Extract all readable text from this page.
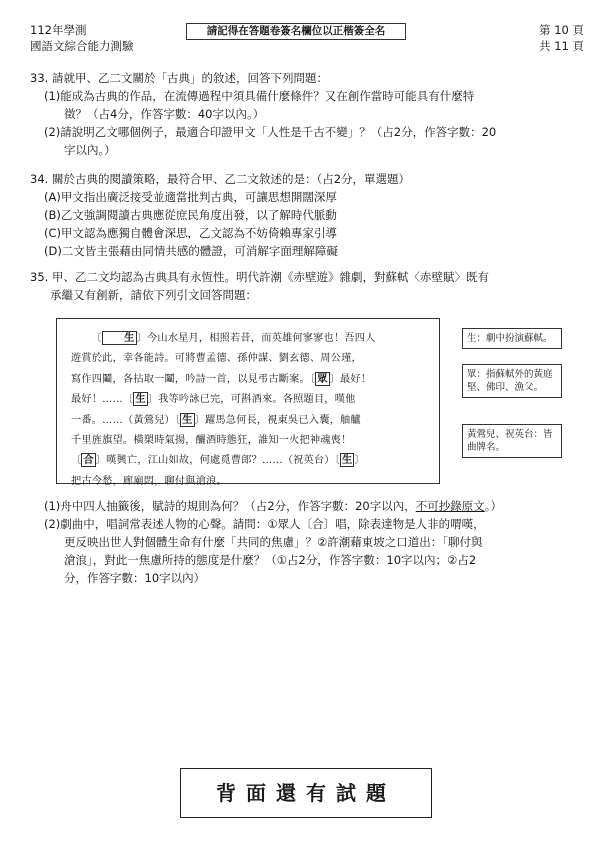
112年學測
國語文綜合能力測驗
請記得在答題卷簽名欄位以正楷簽全名	第 10 頁
共 11 頁
33. 請就甲、乙二文關於「古典」的敘述，回答下列問題：
(1)能成為古典的作品，在流傳過程中須具備什麼條件？又在創作當時可能具有什麼特
徵？（占4分，作答字數：40字以內。）
(2)請說明乙文哪個例子，最適合印證甲文「人性是千古不變」？（占2分，作答字數：20
字以內。）
34. 關於古典的閱讀策略，最符合甲、乙二文敘述的是：（占2分，單選題）
(A)甲文指出廣泛接受並適當批判古典，可讓思想開闊深厚
(B)乙文強調閱讀古典應從庶民角度出發，以了解時代脈動
(C)甲文認為應獨自體會深思，乙文認為不妨倚賴專家引導
(D)二文皆主張藉由同情共感的體證，可消解字面理解障礙
35. 甲、乙二文均認為古典具有永恆性。明代許潮《赤壁遊》雜劇，對蘇軾〈赤壁賦〉既有
承繼又有創新，請依下列引文回答問題：

〔 生 〕今山水星月，相照若昔，而英雄何寥寥也！吾四人

遊賞於此，幸各能詩。可將曹孟德、孫仲謀、劉玄德、周公瑾，

寫作四鬮，各拈取一鬮，吟詩一首，以見弔古斷案。〔 眾 〕最好！

最好！……〔 生 〕我等吟詠已完，可斟酒來。各照題目，嘆他

一番。……（黃鶯兒）〔 生 〕躍馬急何長，視東吳已入囊，舳艫

千里旌旗望。橫槊時氣揚，釃酒時態狂，誰知一火把神魂喪！

〔 合 〕嘆興亡，江山如故，何處覓曹郎？……（祝英台）〔 生 〕

把古今愁，廊廟悶，聊付與滄浪。

生：劇中扮演蘇軾。
眾：指蘇軾外的黃庭堅、佛印、漁父。
黃鶯兒、祝英台：皆曲牌名。
(1)舟中四人抽籤後，賦詩的規則為何？（占2分，作答字數：20字以內，不可抄錄原文。）
(2)劇曲中，唱詞常表述人物的心聲。請問：①眾人〔合〕唱，除表達物是人非的喟嘆，
更反映出世人對個體生命有什麼「共同的焦慮」？②許潮藉東坡之口道出：「聊付與
滄浪」，對此一焦慮所持的態度是什麼？（①占2分，作答字數：10字以內；②占2
分，作答字數：10字以內）
背面還有試題
